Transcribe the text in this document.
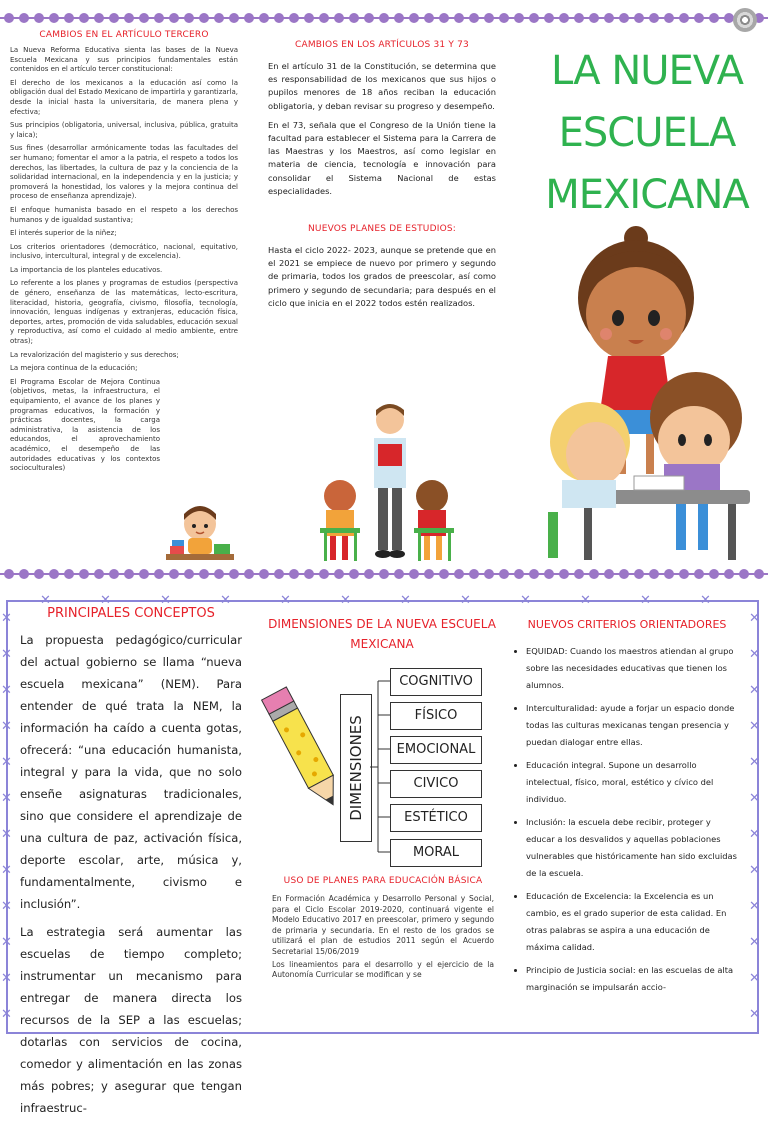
CAMBIOS EN EL ARTÍCULO TERCERO

La Nueva Reforma Educativa sienta las bases de la Nueva Escuela Mexicana y sus principios fundamentales están contenidos en el artículo tercer constitucional:

El derecho de los mexicanos a la educación así como la obligación dual del Estado Mexicano de impartirla y garantizarla, desde la inicial hasta la universitaria, de manera plena y efectiva;

Sus principios (obligatoria, universal, inclusiva, pública, gratuita y laica);

Sus fines (desarrollar armónicamente todas las facultades del ser humano; fomentar el amor a la patria, el respeto a todos los derechos, las libertades, la cultura de paz y la conciencia de la solidaridad internacional, en la independencia y en la justicia; y promoverá la honestidad, los valores y la mejora continua del proceso de enseñanza aprendizaje).

El enfoque humanista basado en el respeto a los derechos humanos y de igualdad sustantiva;

El interés superior de la niñez;

Los criterios orientadores (democrático, nacional, equitativo, inclusivo, intercultural, integral y de excelencia).

La importancia de los planteles educativos.

Lo referente a los planes y programas de estudios (perspectiva de género, enseñanza de las matemáticas, lecto-escritura, literacidad, historia, geografía, civismo, filosofía, tecnología, innovación, lenguas indígenas y extranjeras, educación física, deportes, artes, promoción de vida saludables, educación sexual y reproductiva, así como el cuidado al medio ambiente, entre otras);

La revalorización del magisterio y sus derechos;

La mejora continua de la educación;

El Programa Escolar de Mejora Continua (objetivos, metas, la infraestructura, el equipamiento, el avance de los planes y programas educativos, la formación y prácticas docentes, la carga administrativa, la asistencia de los educandos, el aprovechamiento académico, el desempeño de las autoridades educativas y los contextos socioculturales)

CAMBIOS EN LOS ARTÍCULOS 31 Y 73

En el artículo 31 de la Constitución, se determina que es responsabilidad de los mexicanos que sus hijos o pupilos menores de 18 años reciban la educación obligatoria, y deban revisar su progreso y desempeño.

En el 73, señala que el Congreso de la Unión tiene la facultad para establecer el Sistema para la Carrera de las Maestras y los Maestros, así como legislar en materia de ciencia, tecnología e innovación para consolidar el Sistema Nacional de estas especialidades.

NUEVOS PLANES DE ESTUDIOS:

Hasta el ciclo 2022- 2023, aunque se pretende que en el 2021 se empiece de nuevo por primero y segundo de primaria, todos los grados de preescolar, así como primero y segundo de secundaria; para después en el ciclo que inicia en el 2022 todos estén realizados.

LA NUEVA
ESCUELA
MEXICANA
✕	✕
✕	✕
✕	✕
✕	✕
✕	✕
✕	✕
✕	✕
✕	✕
✕	✕
✕	✕
✕	✕
✕	✕
✕	✕	✕	✕	✕	✕	✕	✕	✕	✕	✕	✕
PRINCIPALES CONCEPTOS

La propuesta pedagógico/curricular del actual gobierno se llama “nueva escuela mexicana” (NEM). Para entender de qué trata la NEM, la información ha caído a cuenta gotas, ofrecerá: “una educación humanista, integral y para la vida, que no solo enseñe asignaturas tradicionales, sino que considere el aprendizaje de una cultura de paz, activación física, deporte escolar, arte, música y, fundamentalmente, civismo e inclusión”.

La estrategia será aumentar las escuelas de tiempo completo; instrumentar un mecanismo para entregar de manera directa los recursos de la SEP a las escuelas; dotarlas con servicios de cocina, comedor y alimentación en las zonas más pobres; y asegurar que tengan infraestruc-

DIMENSIONES DE LA NUEVA ESCUELA MEXICANA
DIMENSIONES
COGNITIVO
FÍSICO
EMOCIONAL
CIVICO
ESTÉTICO
MORAL
USO DE PLANES PARA EDUCACIÓN BÁSICA

En Formación Académica y Desarrollo Personal y Social, para el Ciclo Escolar 2019-2020, continuará vigente el Modelo Educativo 2017 en preescolar, primero y segundo de primaria y secundaria. En el resto de los grados se utilizará el plan de estudios 2011 según el Acuerdo Secretarial 15/06/2019

Los lineamientos para el desarrollo y el ejercicio de la Autonomía Curricular se modifican y se

NUEVOS CRITERIOS ORIENTADORES
• EQUIDAD: Cuando los maestros atiendan al grupo sobre las necesidades educativas que tienen los alumnos.
• Interculturalidad: ayude a forjar un espacio donde todas las culturas mexicanas tengan presencia y puedan dialogar entre ellas.
• Educación integral. Supone un desarrollo intelectual, físico, moral, estético y cívico del individuo.
• Inclusión: la escuela debe recibir, proteger y educar a los desvalidos y aquellas poblaciones vulnerables que históricamente han sido excluidas de la escuela.
• Educación de Excelencia: la Excelencia es un cambio, es el grado superior de esta calidad. En otras palabras se aspira a una educación de máxima calidad.
• Principio de Justicia social: en las escuelas de alta marginación se impulsarán accio-
